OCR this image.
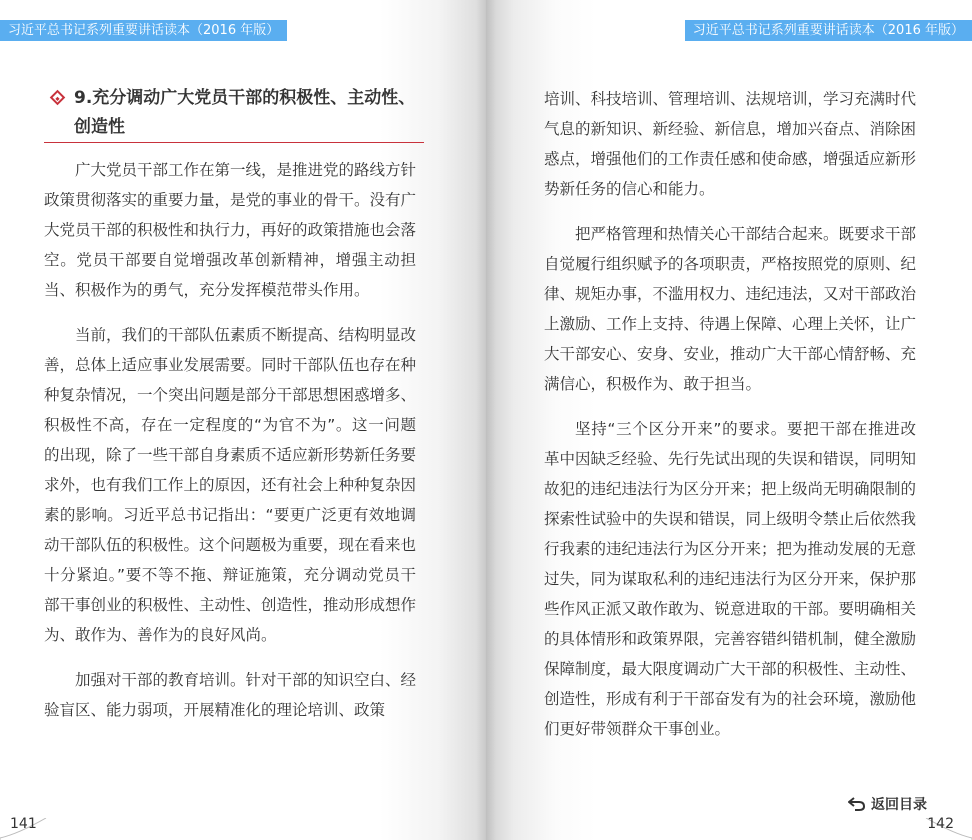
习近平总书记系列重要讲话读本（2016 年版）
9.充分调动广大党员干部的积极性、主动性、创造性

广大党员干部工作在第一线，是推进党的路线方针政策贯彻落实的重要力量，是党的事业的骨干。没有广大党员干部的积极性和执行力，再好的政策措施也会落空。党员干部要自觉增强改革创新精神，增强主动担当、积极作为的勇气，充分发挥模范带头作用。

当前，我们的干部队伍素质不断提高、结构明显改善，总体上适应事业发展需要。同时干部队伍也存在种种复杂情况，一个突出问题是部分干部思想困惑增多、积极性不高，存在一定程度的“为官不为”。这一问题的出现，除了一些干部自身素质不适应新形势新任务要求外，也有我们工作上的原因，还有社会上种种复杂因素的影响。习近平总书记指出：“要更广泛更有效地调动干部队伍的积极性。这个问题极为重要，现在看来也十分紧迫。”要不等不拖、辩证施策，充分调动党员干部干事创业的积极性、主动性、创造性，推动形成想作为、敢作为、善作为的良好风尚。

加强对干部的教育培训。针对干部的知识空白、经验盲区、能力弱项，开展精准化的理论培训、政策

141
习近平总书记系列重要讲话读本（2016 年版）

培训、科技培训、管理培训、法规培训，学习充满时代气息的新知识、新经验、新信息，增加兴奋点、消除困惑点，增强他们的工作责任感和使命感，增强适应新形势新任务的信心和能力。

把严格管理和热情关心干部结合起来。既要求干部自觉履行组织赋予的各项职责，严格按照党的原则、纪律、规矩办事，不滥用权力、违纪违法，又对干部政治上激励、工作上支持、待遇上保障、心理上关怀，让广大干部安心、安身、安业，推动广大干部心情舒畅、充满信心，积极作为、敢于担当。

坚持“三个区分开来”的要求。要把干部在推进改革中因缺乏经验、先行先试出现的失误和错误，同明知故犯的违纪违法行为区分开来；把上级尚无明确限制的探索性试验中的失误和错误，同上级明令禁止后依然我行我素的违纪违法行为区分开来；把为推动发展的无意过失，同为谋取私利的违纪违法行为区分开来，保护那些作风正派又敢作敢为、锐意进取的干部。要明确相关的具体情形和政策界限，完善容错纠错机制，健全激励保障制度，最大限度调动广大干部的积极性、主动性、创造性，形成有利于干部奋发有为的社会环境，激励他们更好带领群众干事创业。

返回目录
142
